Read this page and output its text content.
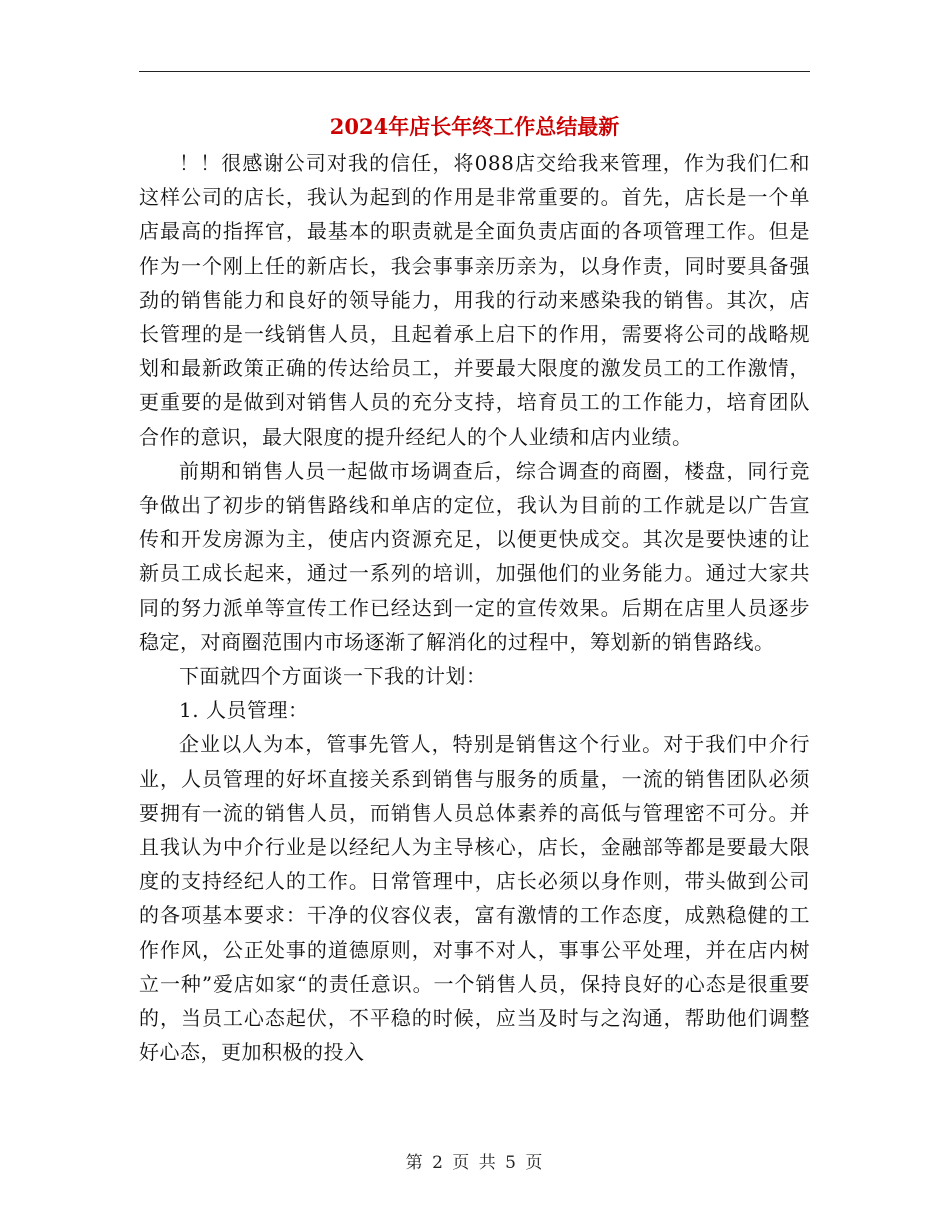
2024年店长年终工作总结最新

！！很感谢公司对我的信任，将088店交给我来管理，作为我们仁和这样公司的店长，我认为起到的作用是非常重要的。首先，店长是一个单店最高的指挥官，最基本的职责就是全面负责店面的各项管理工作。但是作为一个刚上任的新店长，我会事事亲历亲为，以身作责，同时要具备强劲的销售能力和良好的领导能力，用我的行动来感染我的销售。其次，店长管理的是一线销售人员，且起着承上启下的作用，需要将公司的战略规划和最新政策正确的传达给员工，并要最大限度的激发员工的工作激情，更重要的是做到对销售人员的充分支持，培育员工的工作能力，培育团队合作的意识，最大限度的提升经纪人的个人业绩和店内业绩。

前期和销售人员一起做市场调查后，综合调查的商圈，楼盘，同行竞争做出了初步的销售路线和单店的定位，我认为目前的工作就是以广告宣传和开发房源为主，使店内资源充足，以便更快成交。其次是要快速的让新员工成长起来，通过一系列的培训，加强他们的业务能力。通过大家共同的努力派单等宣传工作已经达到一定的宣传效果。后期在店里人员逐步稳定，对商圈范围内市场逐渐了解消化的过程中，筹划新的销售路线。

下面就四个方面谈一下我的计划：

1. 人员管理：

企业以人为本，管事先管人，特别是销售这个行业。对于我们中介行业，人员管理的好坏直接关系到销售与服务的质量，一流的销售团队必须要拥有一流的销售人员，而销售人员总体素养的高低与管理密不可分。并且我认为中介行业是以经纪人为主导核心，店长，金融部等都是要最大限度的支持经纪人的工作。日常管理中，店长必须以身作则，带头做到公司的各项基本要求：干净的仪容仪表，富有激情的工作态度，成熟稳健的工作作风，公正处事的道德原则，对事不对人，事事公平处理，并在店内树立一种”爱店如家“的责任意识。一个销售人员，保持良好的心态是很重要的，当员工心态起伏，不平稳的时候，应当及时与之沟通，帮助他们调整好心态，更加积极的投入

第 2 页 共 5 页
